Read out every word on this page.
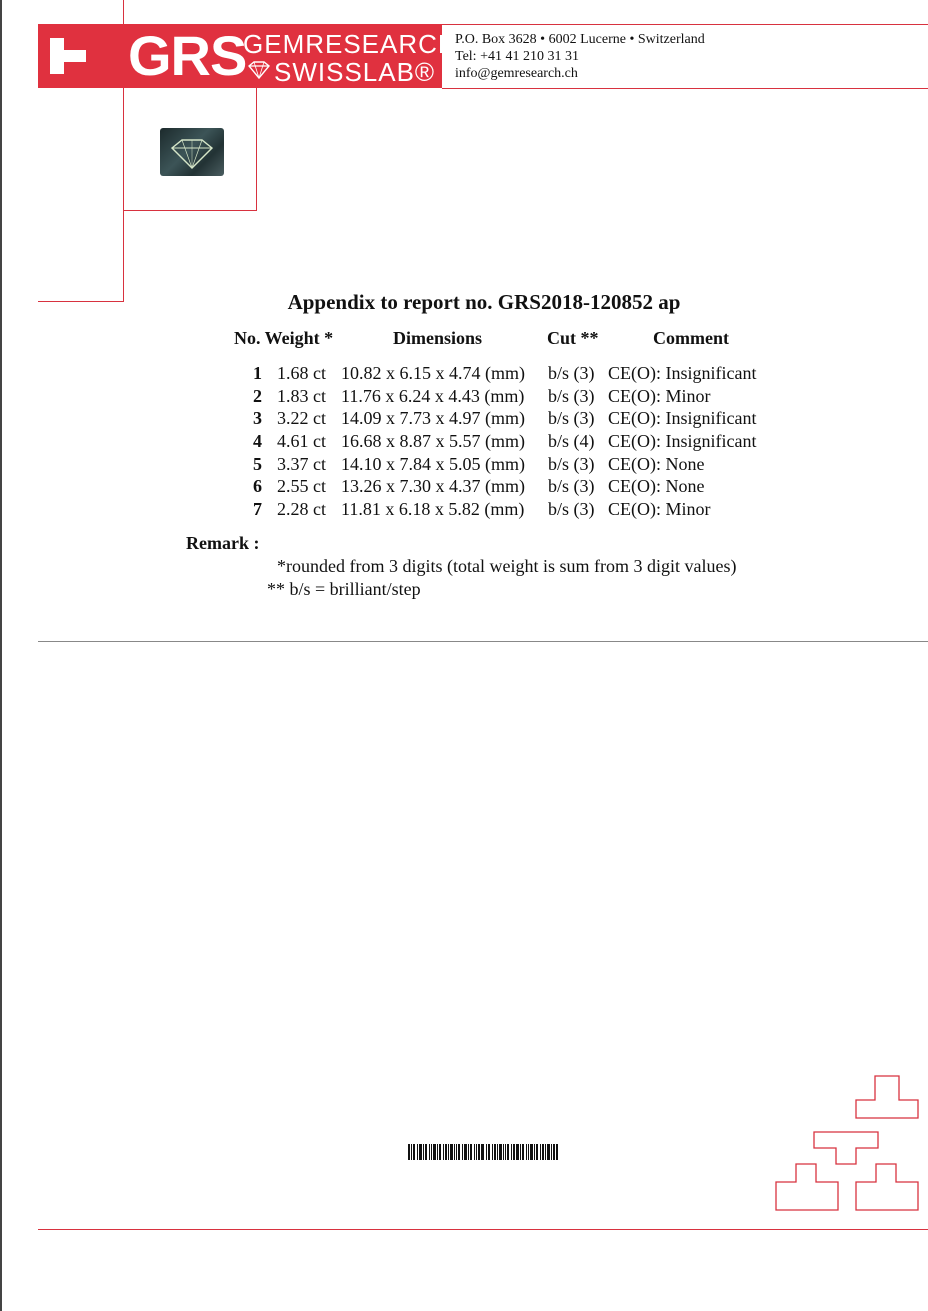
GRS
GEMRESEARCH
SWISSLAB®
P.O. Box 3628 • 6002 Lucerne • Switzerland
Tel: +41 41 210 31 31
info@gemresearch.ch
Appendix to report no. GRS2018-120852 ap
No. Weight *	Dimensions	Cut **	Comment
1 1.68 ct 10.82 x 6.15 x 4.74 (mm) b/s (3) CE(O): Insignificant
2 1.83 ct 11.76 x 6.24 x 4.43 (mm) b/s (3) CE(O): Minor
3 3.22 ct 14.09 x 7.73 x 4.97 (mm) b/s (3) CE(O): Insignificant
4 4.61 ct 16.68 x 8.87 x 5.57 (mm) b/s (4) CE(O): Insignificant
5 3.37 ct 14.10 x 7.84 x 5.05 (mm) b/s (3) CE(O): None
6 2.55 ct 13.26 x 7.30 x 4.37 (mm) b/s (3) CE(O): None
7 2.28 ct 11.81 x 6.18 x 5.82 (mm) b/s (3) CE(O): Minor
Remark :
*rounded from 3 digits (total weight is sum from 3 digit values)
** b/s = brilliant/step
